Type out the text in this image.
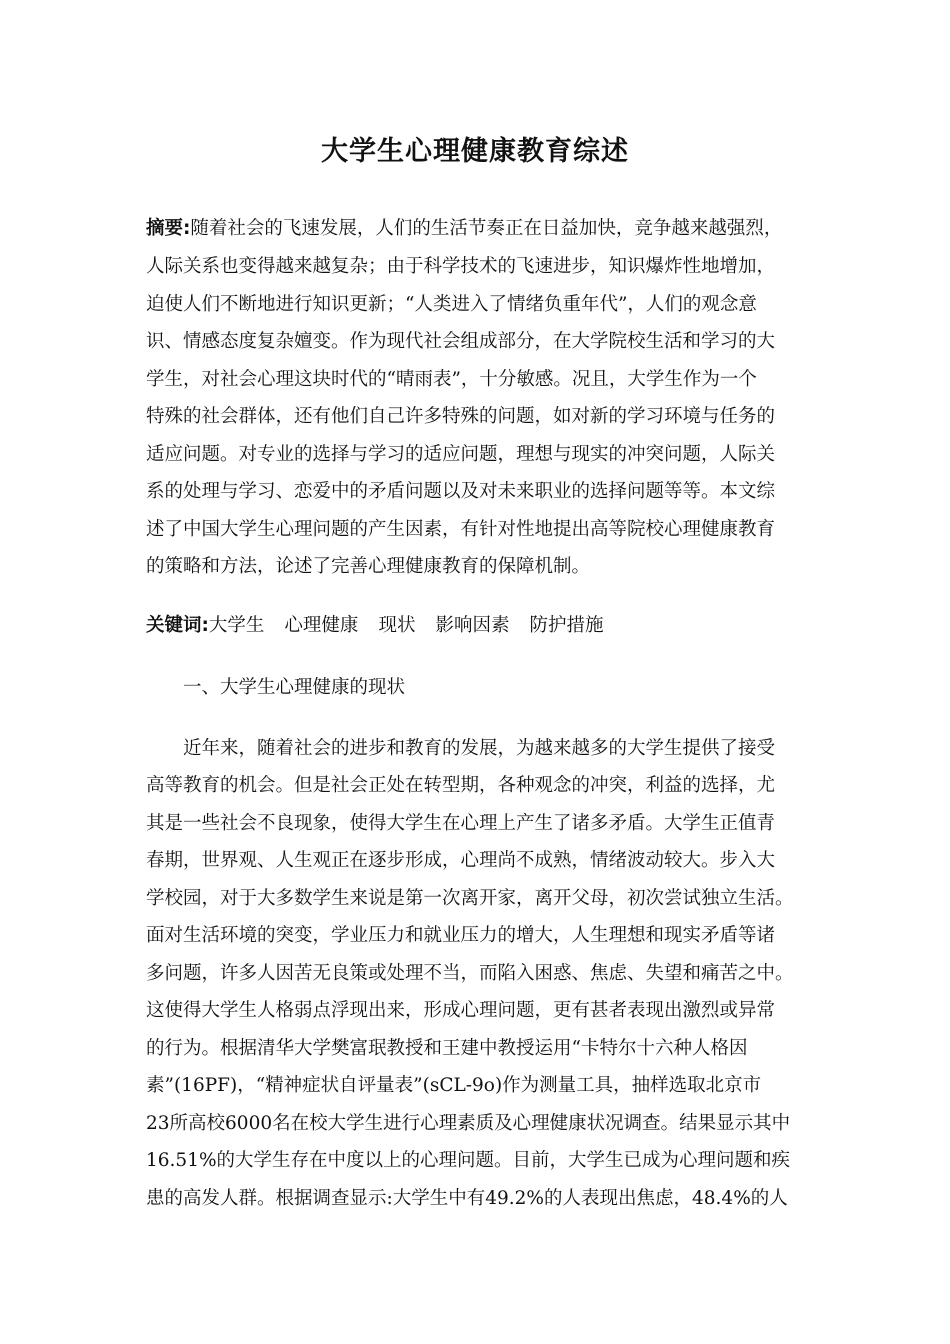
大学生心理健康教育综述
摘要:随着社会的飞速发展，人们的生活节奏正在日益加快，竞争越来越强烈，
人际关系也变得越来越复杂；由于科学技术的飞速进步，知识爆炸性地增加，
迫使人们不断地进行知识更新；“人类进入了情绪负重年代”，人们的观念意
识、情感态度复杂嬗变。作为现代社会组成部分，在大学院校生活和学习的大
学生，对社会心理这块时代的“晴雨表”，十分敏感。况且，大学生作为一个
特殊的社会群体，还有他们自己许多特殊的问题，如对新的学习环境与任务的
适应问题。对专业的选择与学习的适应问题，理想与现实的冲突问题，人际关
系的处理与学习、恋爱中的矛盾问题以及对未来职业的选择问题等等。本文综
述了中国大学生心理问题的产生因素，有针对性地提出高等院校心理健康教育
的策略和方法，论述了完善心理健康教育的保障机制。
关键词:大学生 心理健康 现状 影响因素 防护措施
一、大学生心理健康的现状
近年来，随着社会的进步和教育的发展，为越来越多的大学生提供了接受
高等教育的机会。但是社会正处在转型期，各种观念的冲突，利益的选择，尤
其是一些社会不良现象，使得大学生在心理上产生了诸多矛盾。大学生正值青
春期，世界观、人生观正在逐步形成，心理尚不成熟，情绪波动较大。步入大
学校园，对于大多数学生来说是第一次离开家，离开父母，初次尝试独立生活。
面对生活环境的突变，学业压力和就业压力的增大，人生理想和现实矛盾等诸
多问题，许多人因苦无良策或处理不当，而陷入困惑、焦虑、失望和痛苦之中。
这使得大学生人格弱点浮现出来，形成心理问题，更有甚者表现出激烈或异常
的行为。根据清华大学樊富珉教授和王建中教授运用“卡特尔十六种人格因
素”(16PF)，“精神症状自评量表”(sCL-9o)作为测量工具，抽样选取北京市
23所高校6000名在校大学生进行心理素质及心理健康状况调查。结果显示其中
16.51%的大学生存在中度以上的心理问题。目前，大学生已成为心理问题和疾
患的高发人群。根据调查显示:大学生中有49.2%的人表现出焦虑，48.4%的人
